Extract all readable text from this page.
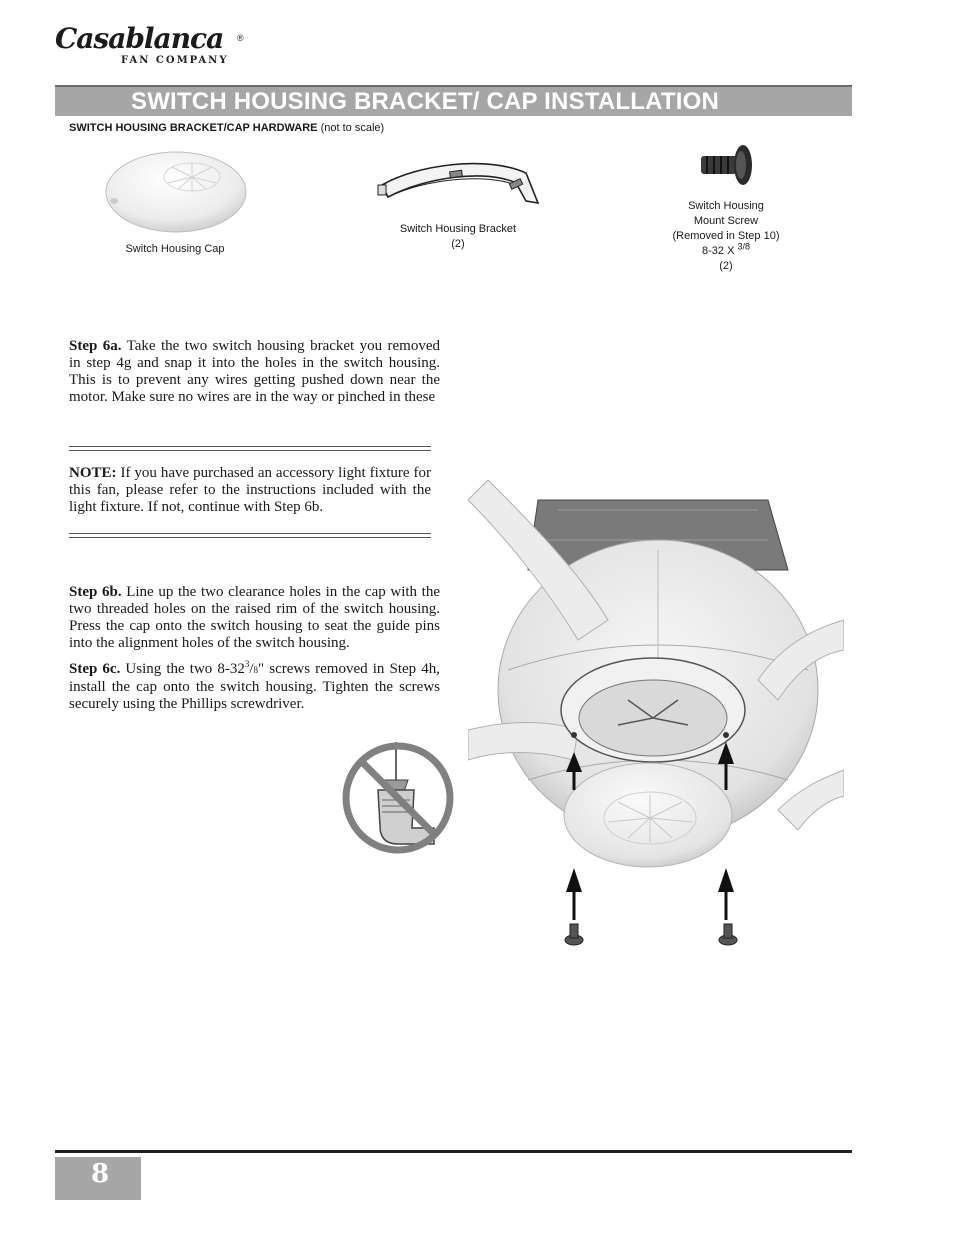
Casablanca ®
FAN COMPANY
SWITCH HOUSING BRACKET/ CAP INSTALLATION
SWITCH HOUSING BRACKET/CAP HARDWARE (not to scale)
Switch Housing Cap
Switch Housing Bracket
(2)
Switch Housing
Mount Screw
(Removed in Step 10)
8-32 X $^{3/8}$
(2)
Step 6a. Take the two switch housing bracket you removed in step 4g and snap it into the holes in the switch housing. This is to prevent any wires getting pushed down near the motor. Make sure no wires are in the way or pinched in these
NOTE: If you have purchased an accessory light fixture for this fan, please refer to the instructions included with the light fixture. If not, continue with Step 6b.
Step 6b. Line up the two clearance holes in the cap with the two threaded holes on the raised rim of the switch housing. Press the cap onto the switch housing to seat the guide pins into the alignment holes of the switch housing.
Step 6c. Using the two $8-32^3/8$" screws removed in Step 4h, install the cap onto the switch housing. Tighten the screws securely using the Phillips screwdriver.
8
